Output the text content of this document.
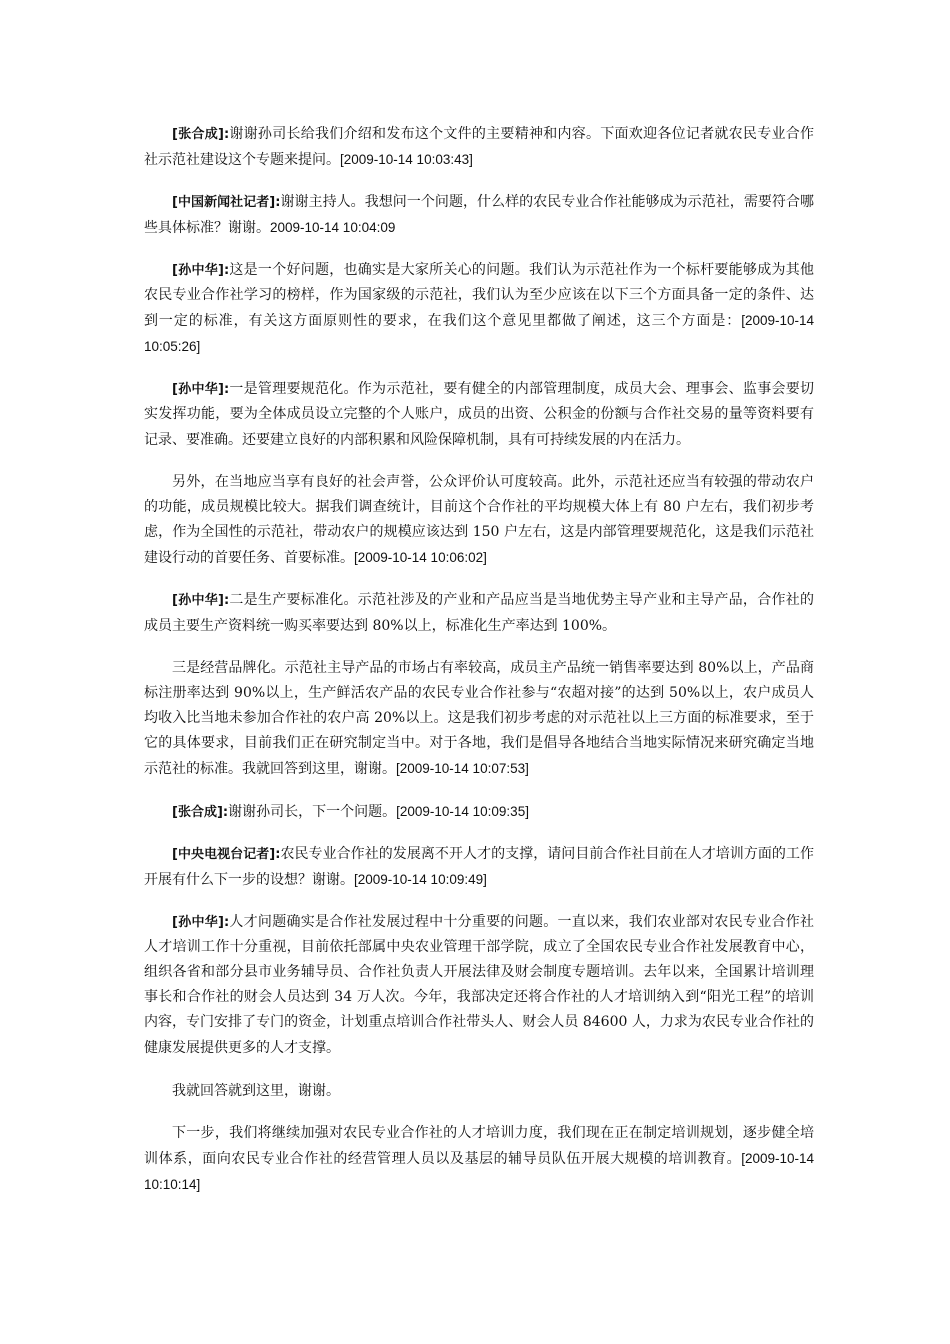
[张合成]:谢谢孙司长给我们介绍和发布这个文件的主要精神和内容。下面欢迎各位记者就农民专业合作社示范社建设这个专题来提问。[2009-10-14 10:03:43]

[中国新闻社记者]:谢谢主持人。我想问一个问题，什么样的农民专业合作社能够成为示范社，需要符合哪些具体标准？谢谢。2009-10-14 10:04:09

[孙中华]:这是一个好问题，也确实是大家所关心的问题。我们认为示范社作为一个标杆要能够成为其他农民专业合作社学习的榜样，作为国家级的示范社，我们认为至少应该在以下三个方面具备一定的条件、达到一定的标准，有关这方面原则性的要求，在我们这个意见里都做了阐述，这三个方面是：[2009-10-14 10:05:26]

[孙中华]:一是管理要规范化。作为示范社，要有健全的内部管理制度，成员大会、理事会、监事会要切实发挥功能，要为全体成员设立完整的个人账户，成员的出资、公积金的份额与合作社交易的量等资料要有记录、要准确。还要建立良好的内部积累和风险保障机制，具有可持续发展的内在活力。

另外，在当地应当享有良好的社会声誉，公众评价认可度较高。此外，示范社还应当有较强的带动农户的功能，成员规模比较大。据我们调查统计，目前这个合作社的平均规模大体上有 80 户左右，我们初步考虑，作为全国性的示范社，带动农户的规模应该达到 150 户左右，这是内部管理要规范化，这是我们示范社建设行动的首要任务、首要标准。[2009-10-14 10:06:02]

[孙中华]:二是生产要标准化。示范社涉及的产业和产品应当是当地优势主导产业和主导产品，合作社的成员主要生产资料统一购买率要达到 80%以上，标准化生产率达到 100%。

三是经营品牌化。示范社主导产品的市场占有率较高，成员主产品统一销售率要达到 80%以上，产品商标注册率达到 90%以上，生产鲜活农产品的农民专业合作社参与“农超对接”的达到 50%以上，农户成员人均收入比当地未参加合作社的农户高 20%以上。这是我们初步考虑的对示范社以上三方面的标准要求，至于它的具体要求，目前我们正在研究制定当中。对于各地，我们是倡导各地结合当地实际情况来研究确定当地示范社的标准。我就回答到这里，谢谢。[2009-10-14 10:07:53]

[张合成]:谢谢孙司长，下一个问题。[2009-10-14 10:09:35]

[中央电视台记者]:农民专业合作社的发展离不开人才的支撑，请问目前合作社目前在人才培训方面的工作开展有什么下一步的设想？谢谢。[2009-10-14 10:09:49]

[孙中华]:人才问题确实是合作社发展过程中十分重要的问题。一直以来，我们农业部对农民专业合作社人才培训工作十分重视，目前依托部属中央农业管理干部学院，成立了全国农民专业合作社发展教育中心，组织各省和部分县市业务辅导员、合作社负责人开展法律及财会制度专题培训。去年以来，全国累计培训理事长和合作社的财会人员达到 34 万人次。今年，我部决定还将合作社的人才培训纳入到“阳光工程”的培训内容，专门安排了专门的资金，计划重点培训合作社带头人、财会人员 84600 人，力求为农民专业合作社的健康发展提供更多的人才支撑。

我就回答就到这里，谢谢。

下一步，我们将继续加强对农民专业合作社的人才培训力度，我们现在正在制定培训规划，逐步健全培训体系，面向农民专业合作社的经营管理人员以及基层的辅导员队伍开展大规模的培训教育。[2009-10-14 10:10:14]
